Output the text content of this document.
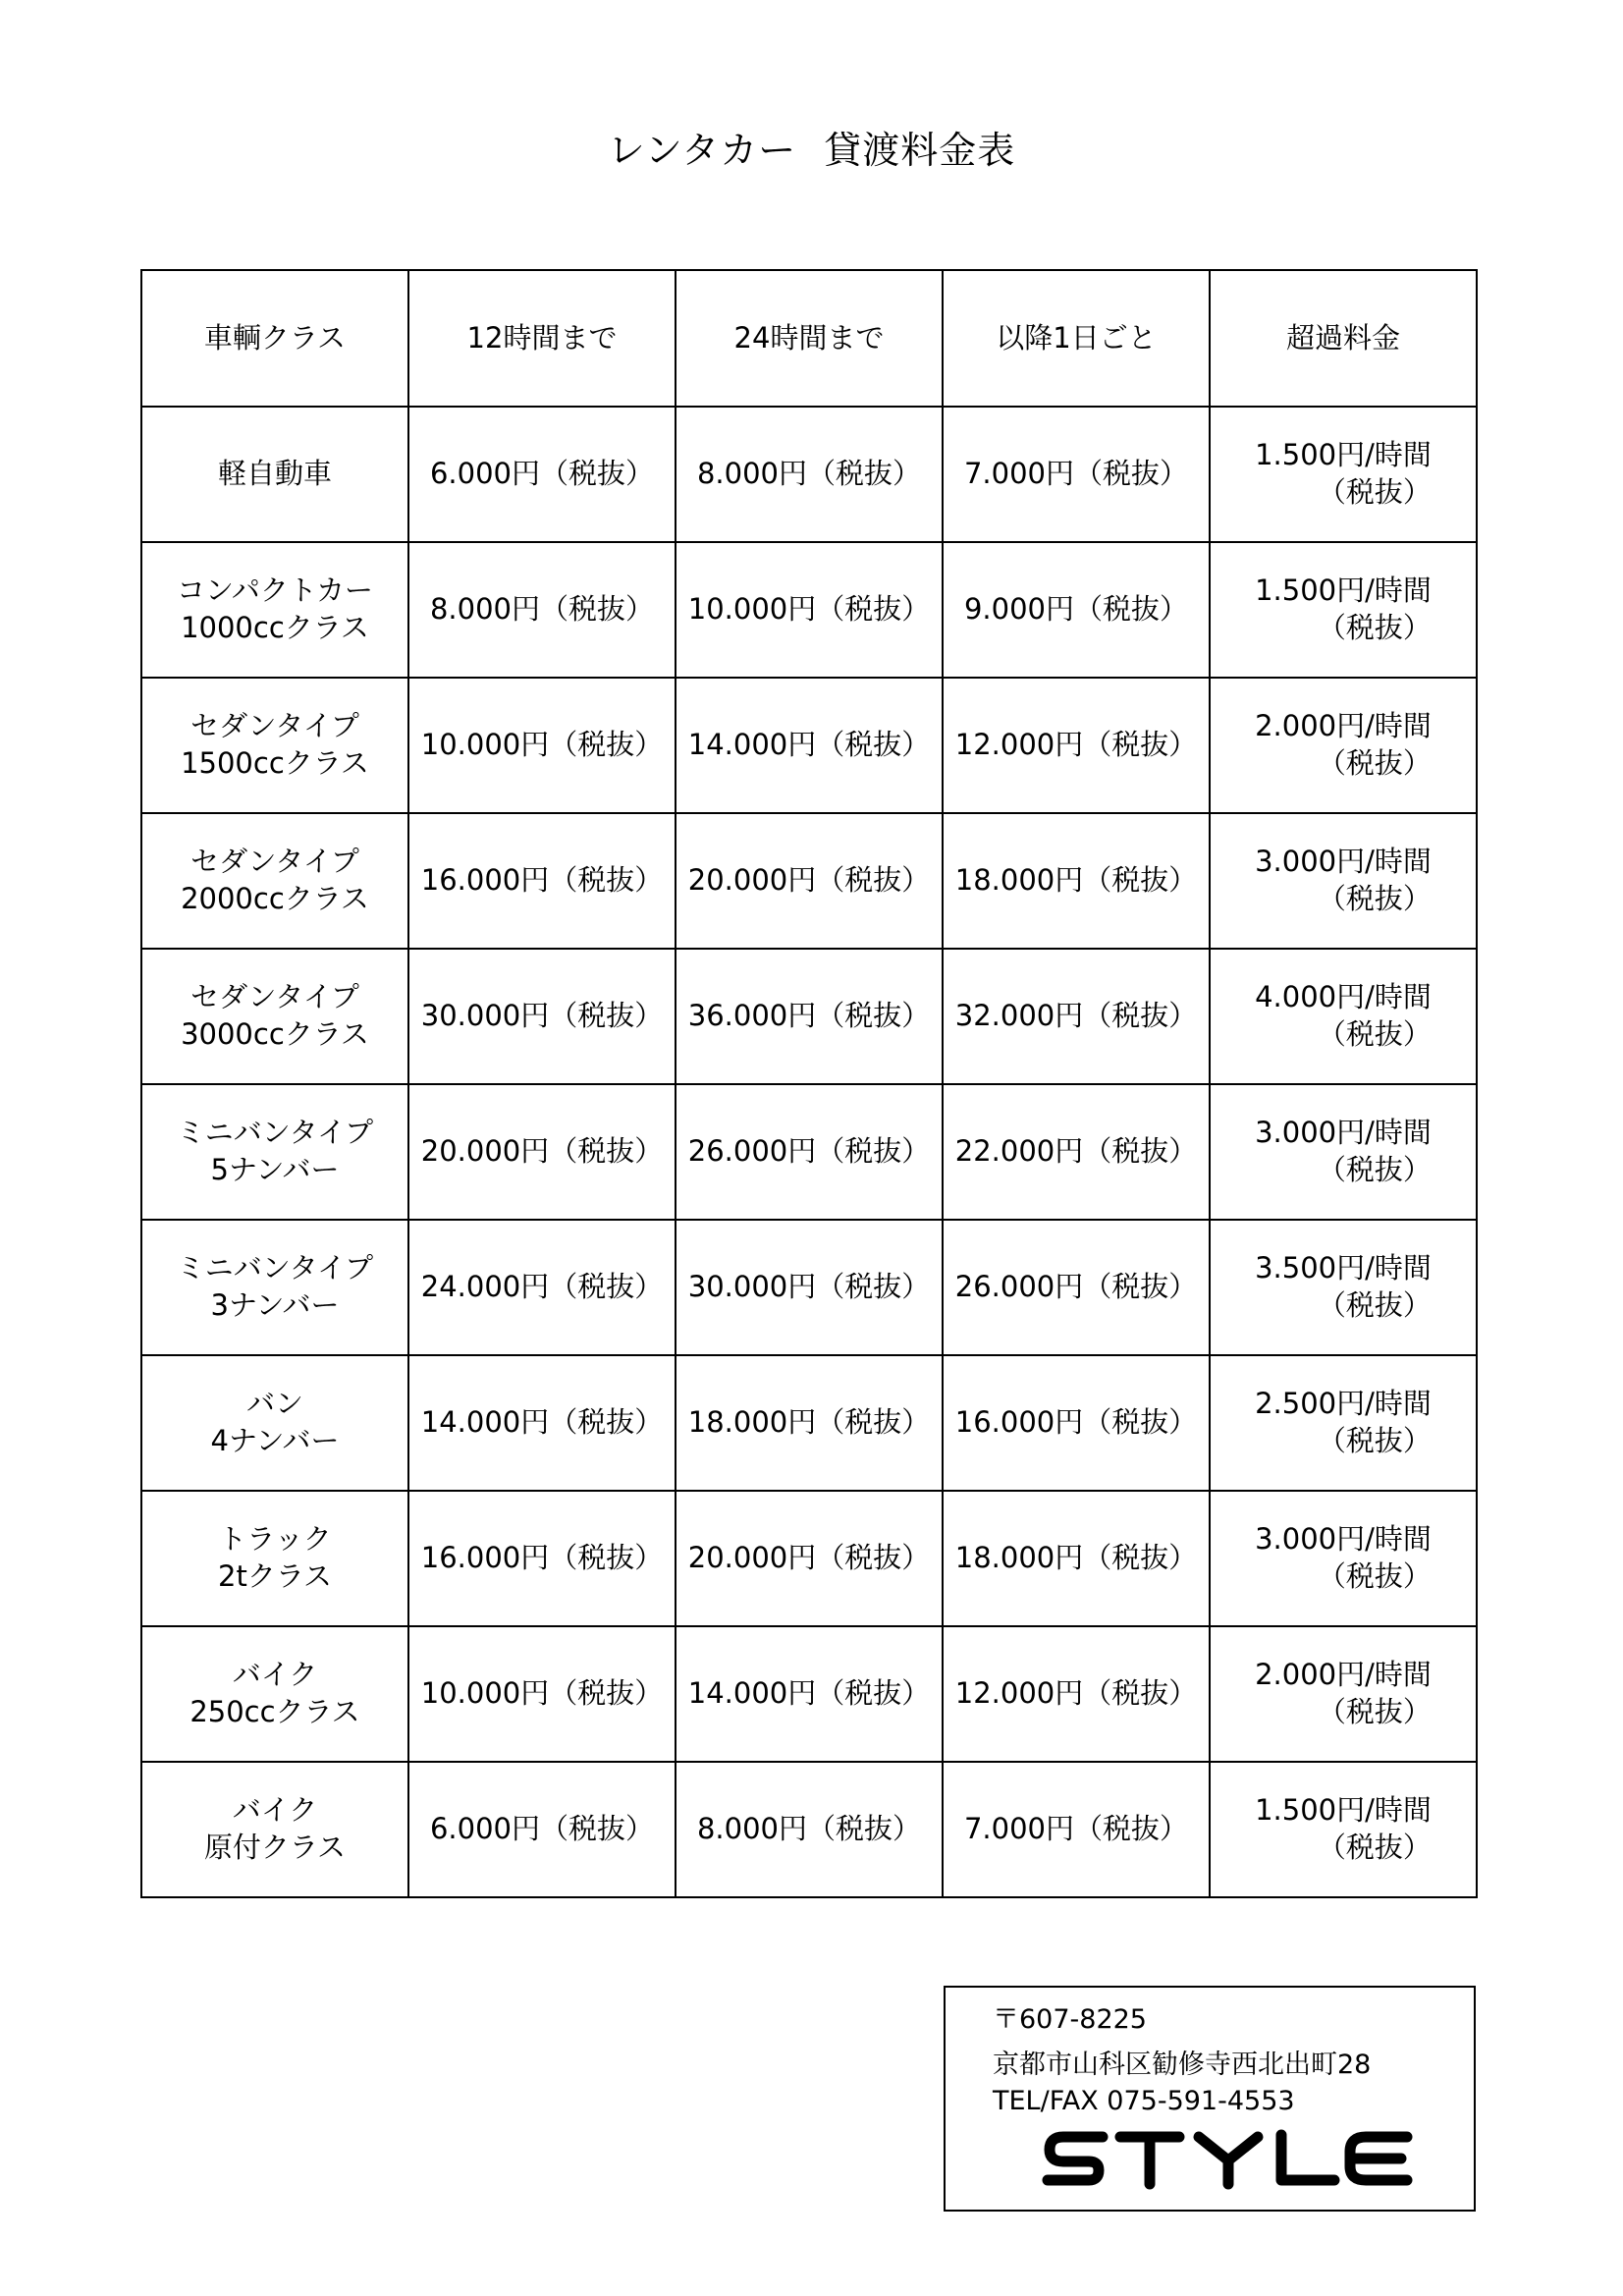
レンタカー 貸渡料金表
車輌クラス	12時間まで	24時間まで	以降1日ごと	超過料金

軽自動車	6.000円（税抜）	8.000円（税抜）	7.000円（税抜）	1.500円/時間
（税抜）

コンパクトカー
1000ccクラス	8.000円（税抜）	10.000円（税抜）	9.000円（税抜）	1.500円/時間
（税抜）

セダンタイプ
1500ccクラス	10.000円（税抜）	14.000円（税抜）	12.000円（税抜）	2.000円/時間
（税抜）

セダンタイプ
2000ccクラス	16.000円（税抜）	20.000円（税抜）	18.000円（税抜）	3.000円/時間
（税抜）

セダンタイプ
3000ccクラス	30.000円（税抜）	36.000円（税抜）	32.000円（税抜）	4.000円/時間
（税抜）

ミニバンタイプ
5ナンバー	20.000円（税抜）	26.000円（税抜）	22.000円（税抜）	3.000円/時間
（税抜）

ミニバンタイプ
3ナンバー	24.000円（税抜）	30.000円（税抜）	26.000円（税抜）	3.500円/時間
（税抜）

バン
4ナンバー	14.000円（税抜）	18.000円（税抜）	16.000円（税抜）	2.500円/時間
（税抜）

トラック
2tクラス	16.000円（税抜）	20.000円（税抜）	18.000円（税抜）	3.000円/時間
（税抜）

バイク
250ccクラス	10.000円（税抜）	14.000円（税抜）	12.000円（税抜）	2.000円/時間
（税抜）

バイク
原付クラス	6.000円（税抜）	8.000円（税抜）	7.000円（税抜）	1.500円/時間
（税抜）
〒607-8225
京都市山科区勧修寺西北出町28
TEL/FAX 075-591-4553
